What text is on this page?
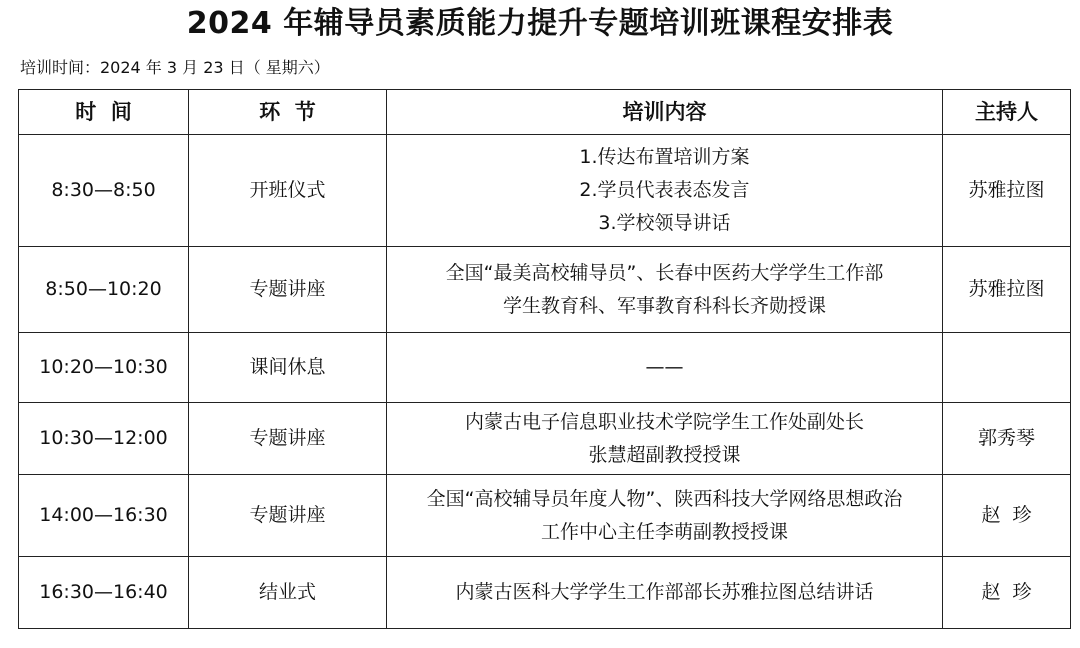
2024 年辅导员素质能力提升专题培训班课程安排表
培训时间：2024 年 3 月 23 日（ 星期六）
时  间	环  节	培训内容	主持人
8:30—8:50	开班仪式	1.传达布置培训方案
2.学员代表表态发言
3.学校领导讲话	苏雅拉图
8:50—10:20	专题讲座	全国“最美高校辅导员”、长春中医药大学学生工作部
学生教育科、军事教育科科长齐勋授课	苏雅拉图
10:20—10:30	课间休息	——	

10:30—12:00	专题讲座	内蒙古电子信息职业技术学院学生工作处副处长
张慧超副教授授课	郭秀琴
14:00—16:30	专题讲座	全国“高校辅导员年度人物”、陕西科技大学网络思想政治
工作中心主任李萌副教授授课	赵  珍
16:30—16:40	结业式	内蒙古医科大学学生工作部部长苏雅拉图总结讲话	赵  珍
